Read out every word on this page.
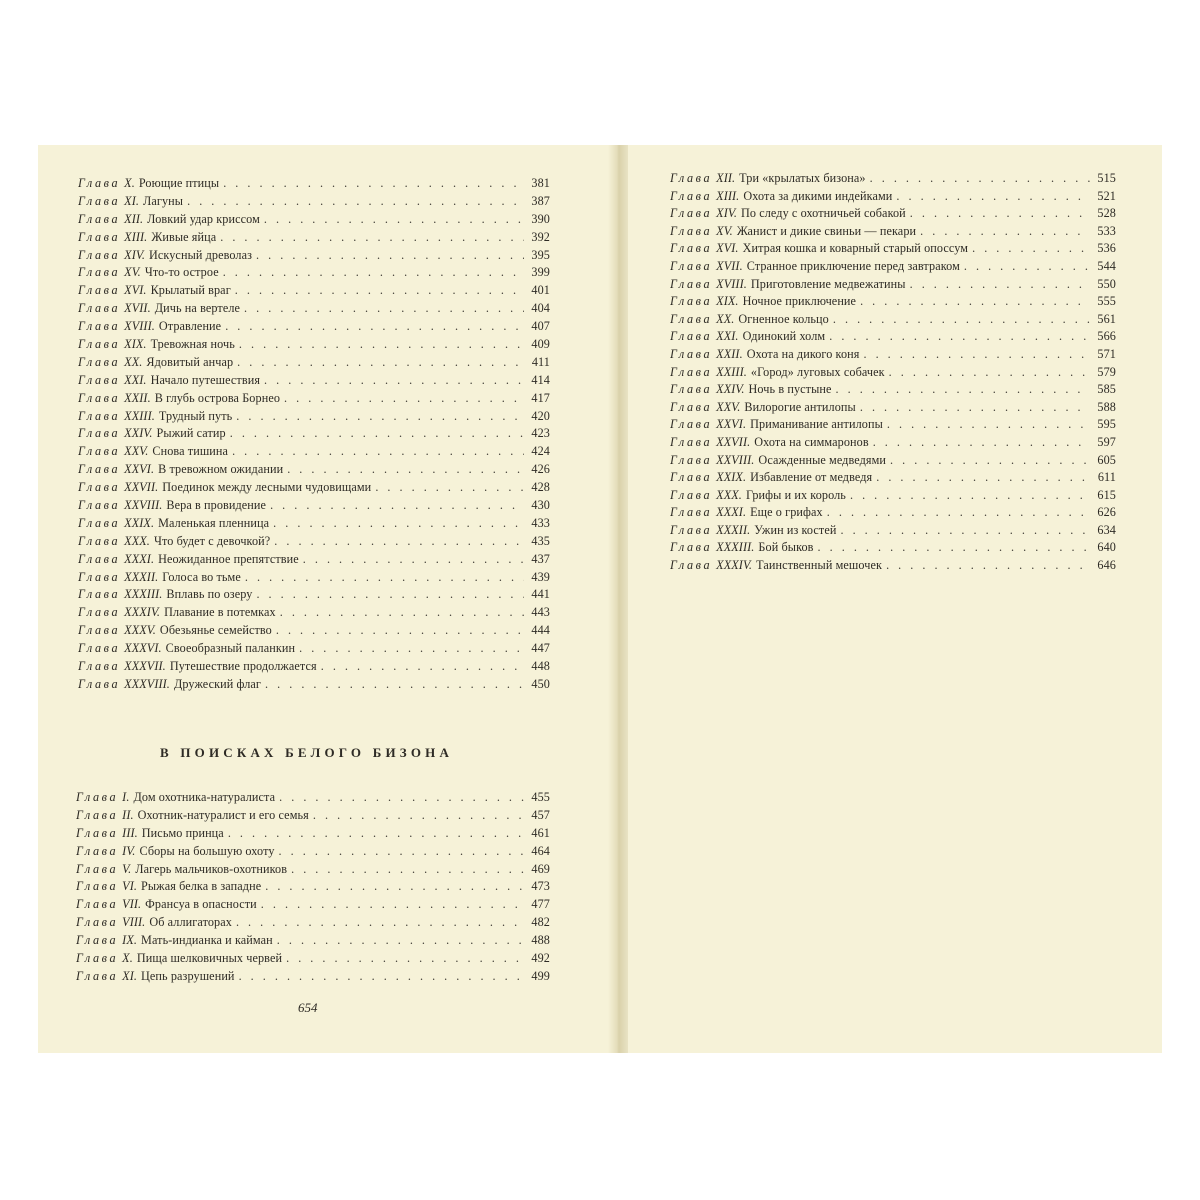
Глава X. Роющие птицы . . .	381
Глава XI. Лагуны . . .	387
Глава XII. Ловкий удар криссом . . .	390
Глава XIII. Живые яйца . . .	392
Глава XIV. Искусный древолаз . . .	395
Глава XV. Что-то острое . . .	399
Глава XVI. Крылатый враг . . .	401
Глава XVII. Дичь на вертеле . . .	404
Глава XVIII. Отравление . . .	407
Глава XIX. Тревожная ночь . . .	409
Глава XX. Ядовитый анчар . . .	411
Глава XXI. Начало путешествия . . .	414
Глава XXII. В глубь острова Борнео . . .	417
Глава XXIII. Трудный путь . . .	420
Глава XXIV. Рыжий сатир . . .	423
Глава XXV. Снова тишина . . .	424
Глава XXVI. В тревожном ожидании . . .	426
Глава XXVII. Поединок между лесными чудовищами . . .	428
Глава XXVIII. Вера в провидение . . .	430
Глава XXIX. Маленькая пленница . . .	433
Глава XXX. Что будет с девочкой? . . .	435
Глава XXXI. Неожиданное препятствие . . .	437
Глава XXXII. Голоса во тьме . . .	439
Глава XXXIII. Вплавь по озеру . . .	441
Глава XXXIV. Плавание в потемках . . .	443
Глава XXXV. Обезьянье семейство . . .	444
Глава XXXVI. Своеобразный паланкин . . .	447
Глава XXXVII. Путешествие продолжается . . .	448
Глава XXXVIII. Дружеский флаг . . .	450
В ПОИСКАХ БЕЛОГО БИЗОНА
Глава I. Дом охотника-натуралиста . . .	455
Глава II. Охотник-натуралист и его семья . . .	457
Глава III. Письмо принца . . .	461
Глава IV. Сборы на большую охоту . . .	464
Глава V. Лагерь мальчиков-охотников . . .	469
Глава VI. Рыжая белка в западне . . .	473
Глава VII. Франсуа в опасности . . .	477
Глава VIII. Об аллигаторах . . .	482
Глава IX. Мать-индианка и кайман . . .	488
Глава X. Пища шелковичных червей . . .	492
Глава XI. Цепь разрушений . . .	499
654
Глава XII. Три «крылатых бизона» . . .	515
Глава XIII. Охота за дикими индейками . . .	521
Глава XIV. По следу с охотничьей собакой . . .	528
Глава XV. Жанист и дикие свиньи — пекари . . .	533
Глава XVI. Хитрая кошка и коварный старый опоссум . . .	536
Глава XVII. Странное приключение перед завтраком . . .	544
Глава XVIII. Приготовление медвежатины . . .	550
Глава XIX. Ночное приключение . . .	555
Глава XX. Огненное кольцо . . .	561
Глава XXI. Одинокий холм . . .	566
Глава XXII. Охота на дикого коня . . .	571
Глава XXIII. «Город» луговых собачек . . .	579
Глава XXIV. Ночь в пустыне . . .	585
Глава XXV. Вилорогие антилопы . . .	588
Глава XXVI. Приманивание антилопы . . .	595
Глава XXVII. Охота на симмаронов . . .	597
Глава XXVIII. Осажденные медведями . . .	605
Глава XXIX. Избавление от медведя . . .	611
Глава XXX. Грифы и их король . . .	615
Глава XXXI. Еще о грифах . . .	626
Глава XXXII. Ужин из костей . . .	634
Глава XXXIII. Бой быков . . .	640
Глава XXXIV. Таинственный мешочек . . .	646
